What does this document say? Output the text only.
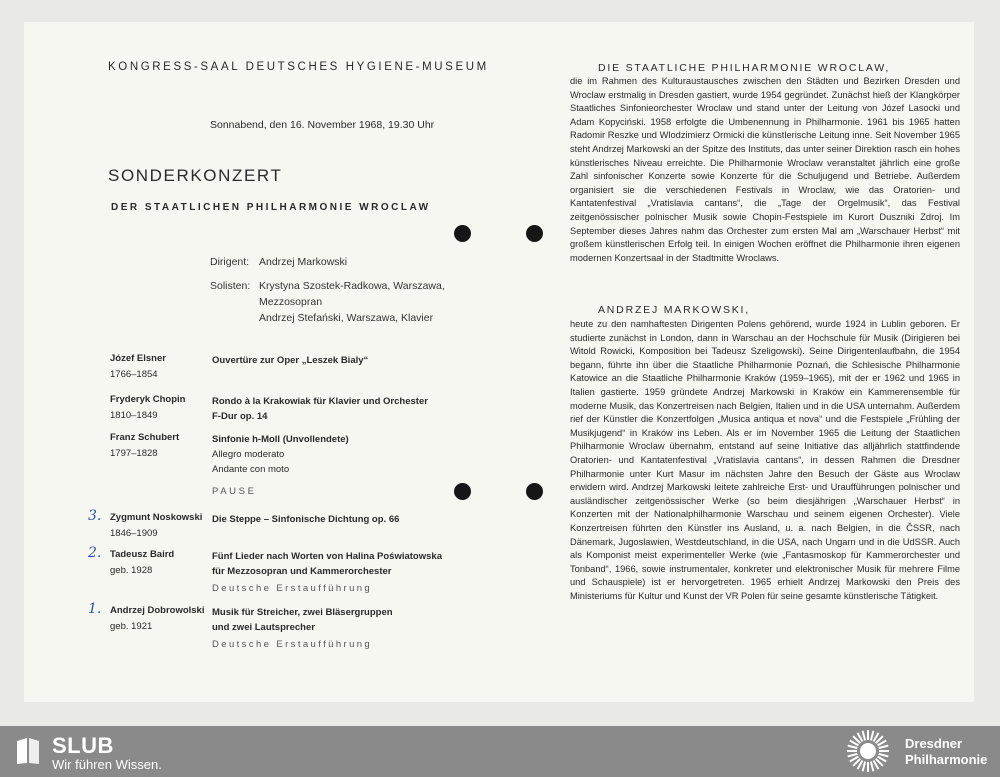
KONGRESS-SAAL DEUTSCHES HYGIENE-MUSEUM
Sonnabend, den 16. November 1968, 19.30 Uhr
SONDERKONZERT
DER STAATLICHEN PHILHARMONIE WROCLAW
Dirigent: Andrzej Markowski
Solisten: Krystyna Szostek-Radkowa, Warszawa,
Mezzosopran
Andrzej Stefański, Warszawa, Klavier
Józef Elsner
1766–1854
Ouvertüre zur Oper „Leszek Bialy“
Fryderyk Chopin
1810–1849
Rondo à la Krakowiak für Klavier und Orchester
F-Dur op. 14
Franz Schubert
1797–1828
Sinfonie h-Moll (Unvollendete)
Allegro moderato
Andante con moto
PAUSE
3. Zygmunt Noskowski
1846–1909
Die Steppe – Sinfonische Dichtung op. 66
2. Tadeusz Baird
geb. 1928
Fünf Lieder nach Worten von Halina Poświatowska
für Mezzosopran und Kammerorchester
Deutsche Erstaufführung
1. Andrzej Dobrowolski
geb. 1921
Musik für Streicher, zwei Bläsergruppen
und zwei Lautsprecher
Deutsche Erstaufführung
DIE STAATLICHE PHILHARMONIE WROCLAW,
die im Rahmen des Kulturaustausches zwischen den Städten und Bezirken Dresden und Wroclaw erstmalig in Dresden gastiert, wurde 1954 gegründet. Zunächst hieß der Klangkörper Staatliches Sinfonieorchester Wroclaw und stand unter der Leitung von Józef Lasocki und Adam Kopyciński. 1958 erfolgte die Umbenennung in Philharmonie. 1961 bis 1965 hatten Radomir Reszke und Wlodzimierz Ormicki die künstlerische Leitung inne. Seit November 1965 steht Andrzej Markowski an der Spitze des Instituts, das unter seiner Direktion rasch ein hohes künstlerisches Niveau erreichte. Die Philharmonie Wroclaw veranstaltet jährlich eine große Zahl sinfonischer Konzerte sowie Konzerte für die Schuljugend und Betriebe. Außerdem organisiert sie die verschiedenen Festivals in Wroclaw, wie das Oratorien- und Kantatenfestival „Vratislavia cantans“, die „Tage der Orgelmusik“, das Festival zeitgenössischer polnischer Musik sowie Chopin-Festspiele im Kurort Duszniki Zdroj. Im September dieses Jahres nahm das Orchester zum ersten Mal am „Warschauer Herbst“ mit großem künstlerischen Erfolg teil. In einigen Wochen eröffnet die Philharmonie ihren eigenen modernen Konzertsaal in der Stadtmitte Wroclaws.
ANDRZEJ MARKOWSKI,
heute zu den namhaftesten Dirigenten Polens gehörend, wurde 1924 in Lublin geboren. Er studierte zunächst in London, dann in Warschau an der Hochschule für Musik (Dirigieren bei Witold Rowicki, Komposition bei Tadeusz Szeligowski). Seine Dirigentenlaufbahn, die 1954 begann, führte ihn über die Staatliche Philharmonie Poznań, die Schlesische Philharmonie Katowice an die Staatliche Philharmonie Kraków (1959–1965), mit der er 1962 und 1965 in Italien gastierte. 1959 gründete Andrzej Markowski in Kraków ein Kammerensemble für moderne Musik, das Konzertreisen nach Belgien, Italien und in die USA unternahm. Außerdem rief der Künstler die Konzertfolgen „Musica antiqua et nova“ und die Festspiele „Frühling der Musikjugend“ in Kraków ins Leben. Als er im November 1965 die Leitung der Staatlichen Philharmonie Wroclaw übernahm, entstand auf seine Initiative das alljährlich stattfindende Oratorien- und Kantatenfestival „Vratislavia cantans“, in dessen Rahmen die Dresdner Philharmonie unter Kurt Masur im nächsten Jahre den Besuch der Gäste aus Wroclaw erwidern wird. Andrzej Markowski leitete zahlreiche Erst- und Uraufführungen polnischer und ausländischer zeitgenössischer Werke (so beim diesjährigen „Warschauer Herbst“ in Konzerten mit der Nationalphilharmonie Warschau und seinem eigenen Orchester). Viele Konzertreisen führten den Künstler ins Ausland, u. a. nach Belgien, in die ČSSR, nach Dänemark, Jugoslawien, Westdeutschland, in die USA, nach Ungarn und in die UdSSR. Auch als Komponist meist experimenteller Werke (wie „Fantasmoskop für Kammerorchester und Tonband“, 1966, sowie instrumentaler, konkreter und elektronischer Musik für mehrere Filme und Schauspiele) ist er hervorgetreten. 1965 erhielt Andrzej Markowski den Preis des Ministeriums für Kultur und Kunst der VR Polen für seine gesamte künstlerische Tätigkeit.
SLUB
Wir führen Wissen.
Dresdner
Philharmonie
